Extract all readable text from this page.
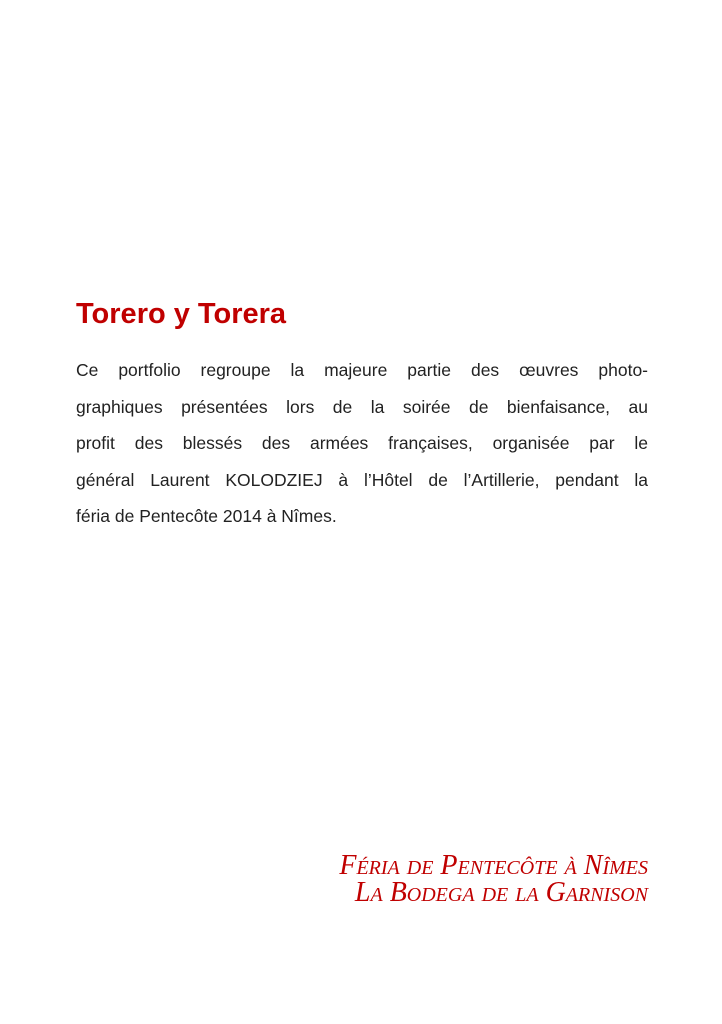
Torero y Torera

Ce portfolio regroupe la majeure partie des œuvres photo-
graphiques présentées lors de la soirée de bienfaisance, au
profit des blessés des armées françaises, organisée par le
général Laurent KOLODZIEJ à l’Hôtel de l’Artillerie, pendant la
féria de Pentecôte 2014 à Nîmes.

Féria de Pentecôte à Nîmes
La Bodega de la Garnison
